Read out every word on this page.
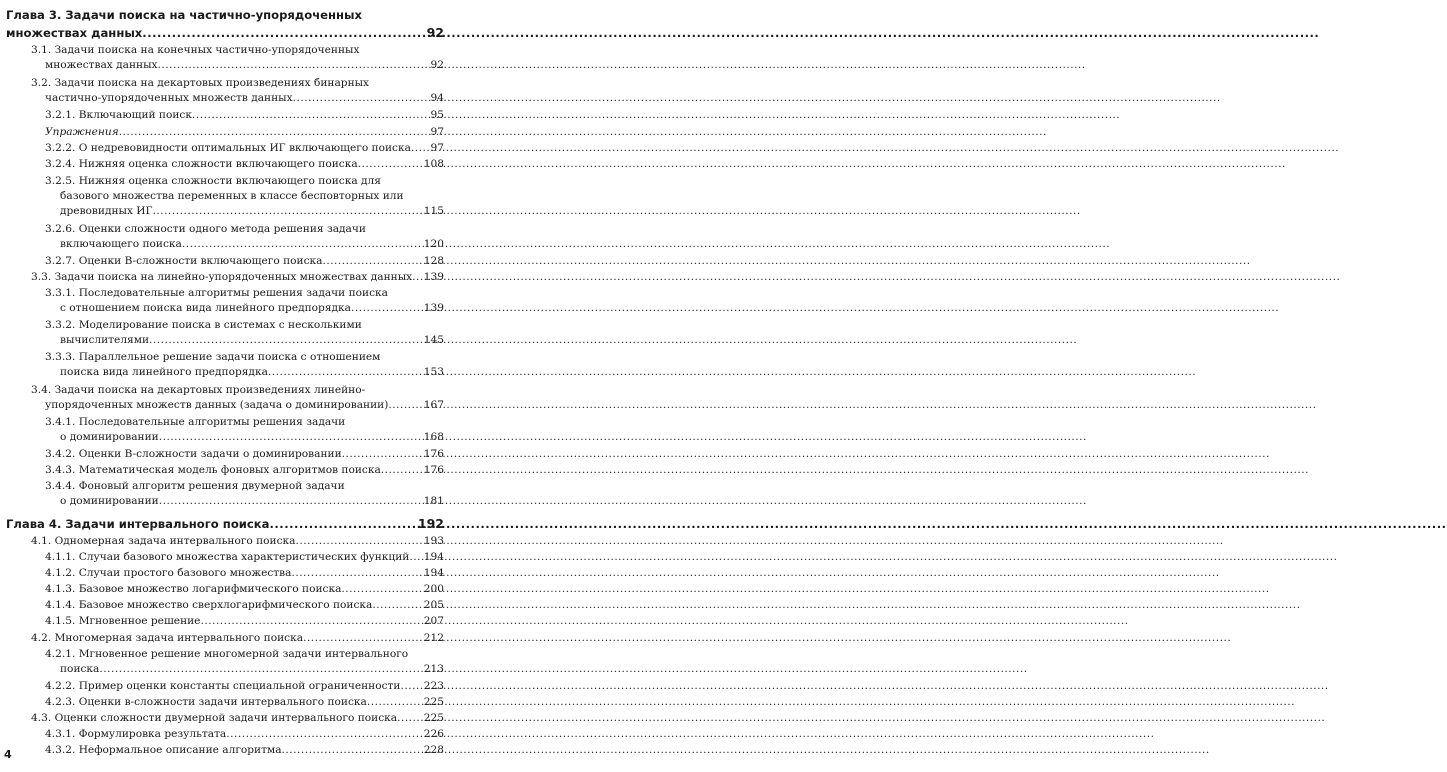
Глава 3. Задачи поиска на частично-упорядоченных
множествах данных .....	92
3.1. Задачи поиска на конечных частично-упорядоченных
множествах данных .....	92
3.2. Задачи поиска на декартовых произведениях бинарных
частично-упорядоченных множеств данных .....	94
3.2.1. Включающий поиск .....	95
Упражнения .....	97
3.2.2. О недревовидности оптимальных ИГ включающего поиска ..... 97
3.2.4. Нижняя оценка сложности включающего поиска .....	108
3.2.5. Нижняя оценка сложности включающего поиска для
базового множества переменных в классе бесповторных или
древовидных ИГ .....	115
3.2.6. Оценки сложности одного метода решения задачи
включающего поиска .....	120
3.2.7. Оценки B-сложности включающего поиска .....	128
3.3. Задачи поиска на линейно-упорядоченных множествах данных ..... 139
3.3.1. Последовательные алгоритмы решения задачи поиска
с отношением поиска вида линейного предпорядка .....	139
3.3.2. Моделирование поиска в системах с несколькими
вычислителями .....	145
3.3.3. Параллельное решение задачи поиска с отношением
поиска вида линейного предпорядка .....	153
3.4. Задачи поиска на декартовых произведениях линейно-
упорядоченных множеств данных (задача о доминировании) .....	167
3.4.1. Последовательные алгоритмы решения задачи
о доминировании .....	168
3.4.2. Оценки B-сложности задачи о доминировании .....	176
3.4.3. Математическая модель фоновых алгоритмов поиска .....	176
3.4.4. Фоновый алгоритм решения двумерной задачи
о доминировании .....	181
Глава 4. Задачи интервального поиска .....	192
4.1. Одномерная задача интервального поиска .....	193
4.1.1. Случаи базового множества характеристических функций ..... 194
4.1.2. Случаи простого базового множества .....	194
4.1.3. Базовое множество логарифмического поиска .....	200
4.1.4. Базовое множество сверхлогарифмического поиска .....	205
4.1.5. Мгновенное решение .....	207
4.2. Многомерная задача интервального поиска .....	212
4.2.1. Мгновенное решение многомерной задачи интервального
поиска .....	213
4.2.2. Пример оценки константы специальной ограниченности ..... 223
4.2.3. Оценки в-сложности задачи интервального поиска .....	225
4.3. Оценки сложности двумерной задачи интервального поиска .....	225
4.3.1. Формулировка результата .....	226
4.3.2. Неформальное описание алгоритма .....	228
4
